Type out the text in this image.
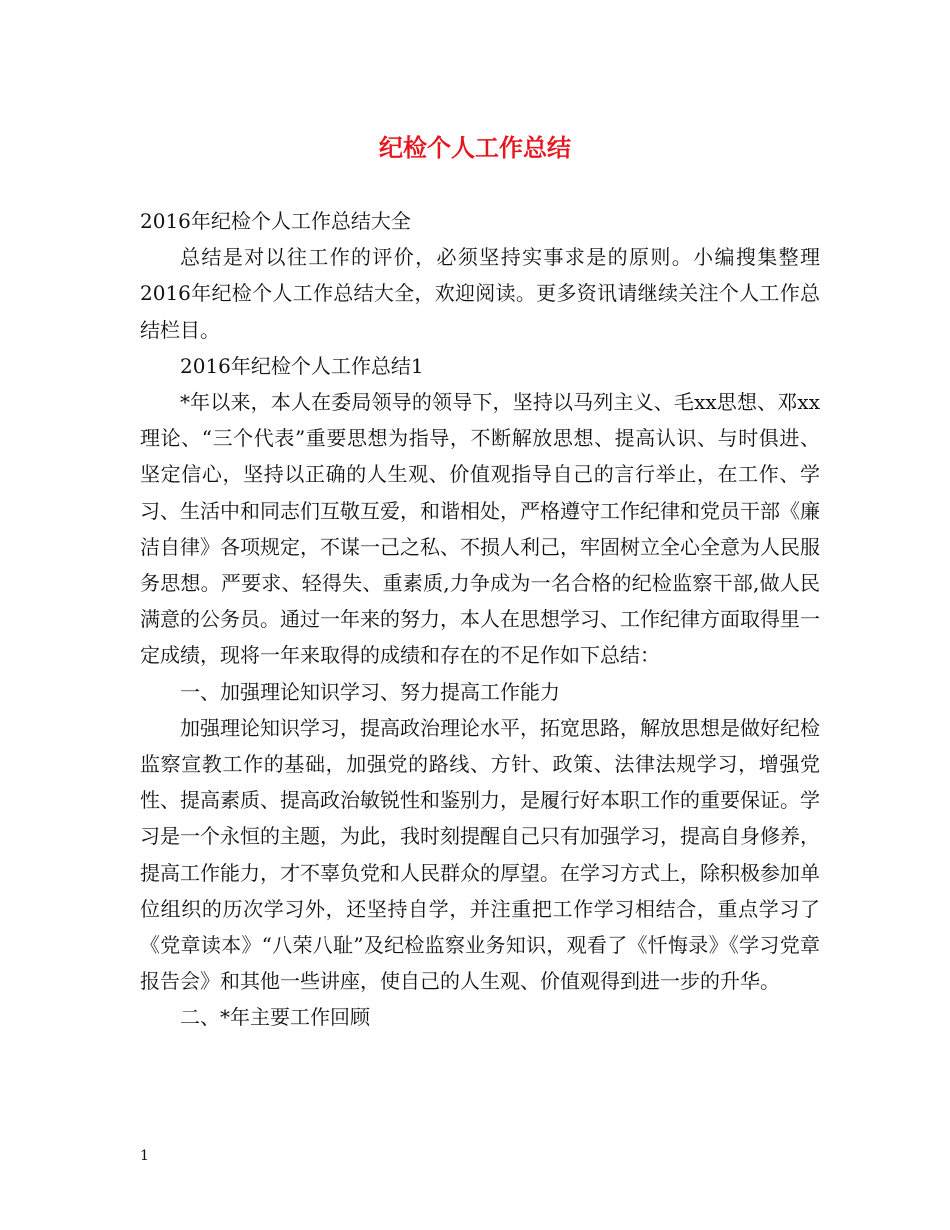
纪检个人工作总结

2016年纪检个人工作总结大全

总结是对以往工作的评价，必须坚持实事求是的原则。小编搜集整理2016年纪检个人工作总结大全，欢迎阅读。更多资讯请继续关注个人工作总结栏目。

2016年纪检个人工作总结1

*年以来，本人在委局领导的领导下，坚持以马列主义、毛xx思想、邓xx理论、“三个代表”重要思想为指导，不断解放思想、提高认识、与时俱进、坚定信心，坚持以正确的人生观、价值观指导自己的言行举止，在工作、学习、生活中和同志们互敬互爱，和谐相处，严格遵守工作纪律和党员干部《廉洁自律》各项规定，不谋一己之私、不损人利己，牢固树立全心全意为人民服务思想。严要求、轻得失、重素质,力争成为一名合格的纪检监察干部,做人民满意的公务员。通过一年来的努力，本人在思想学习、工作纪律方面取得里一定成绩，现将一年来取得的成绩和存在的不足作如下总结：

一、加强理论知识学习、努力提高工作能力

加强理论知识学习，提高政治理论水平，拓宽思路，解放思想是做好纪检监察宣教工作的基础，加强党的路线、方针、政策、法律法规学习，增强党性、提高素质、提高政治敏锐性和鉴别力，是履行好本职工作的重要保证。学习是一个永恒的主题，为此，我时刻提醒自己只有加强学习，提高自身修养，提高工作能力，才不辜负党和人民群众的厚望。在学习方式上，除积极参加单位组织的历次学习外，还坚持自学，并注重把工作学习相结合，重点学习了《党章读本》“八荣八耻”及纪检监察业务知识，观看了《忏悔录》《学习党章报告会》和其他一些讲座，使自己的人生观、价值观得到进一步的升华。

二、*年主要工作回顾

1
